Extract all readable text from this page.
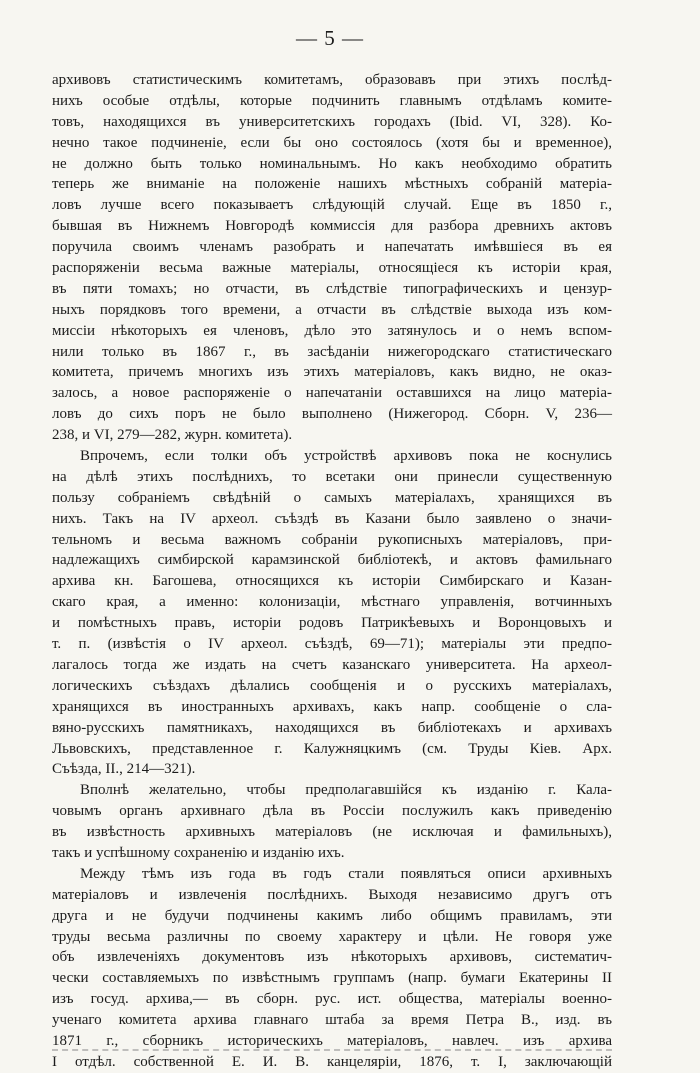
— 5 —
архивовъ статистическимъ комитетамъ, образовавъ при этихъ послѣд-
нихъ особые отдѣлы, которые подчинить главнымъ отдѣламъ комите-
товъ, находящихся въ университетскихъ городахъ (Ibid. VI, 328). Ко-
нечно такое подчиненіе, если бы оно состоялось (хотя бы и временное),
не должно быть только номинальнымъ. Но какъ необходимо обратить
теперь же вниманіе на положеніе нашихъ мѣстныхъ собраній матеріа-
ловъ лучше всего показываетъ слѣдующій случай. Еще въ 1850 г.,
бывшая въ Нижнемъ Новгородѣ коммиссія для разбора древнихъ актовъ
поручила своимъ членамъ разобрать и напечатать имѣвшіеся въ ея
распоряженіи весьма важные матеріалы, относящіеся къ исторіи края,
въ пяти томахъ; но отчасти, въ слѣдствіе типографическихъ и цензур-
ныхъ порядковъ того времени, а отчасти въ слѣдствіе выхода изъ ком-
миссіи нѣкоторыхъ ея членовъ, дѣло это затянулось и о немъ вспом-
нили только въ 1867 г., въ засѣданіи нижегородскаго статистическаго
комитета, причемъ многихъ изъ этихъ матеріаловъ, какъ видно, не оказ-
залось, а новое распоряженіе о напечатаніи оставшихся на лицо матеріа-
ловъ до сихъ поръ не было выполнено (Нижегород. Сборн. V, 236—
238, и VI, 279—282, журн. комитета).
Впрочемъ, если толки объ устройствѣ архивовъ пока не коснулись
на дѣлѣ этихъ послѣднихъ, то всетаки они принесли существенную
пользу собраніемъ свѣдѣній о самыхъ матеріалахъ, хранящихся въ
нихъ. Такъ на IV археол. съѣздѣ въ Казани было заявлено о значи-
тельномъ и весьма важномъ собраніи рукописныхъ матеріаловъ, при-
надлежащихъ симбирской карамзинской библіотекѣ, и актовъ фамильнаго
архива кн. Багошева, относящихся къ исторіи Симбирскаго и Казан-
скаго края, а именно: колонизаціи, мѣстнаго управленія, вотчинныхъ
и помѣстныхъ правъ, исторіи родовъ Патрикѣевыхъ и Воронцовыхъ и
т. п. (извѣстія о IV археол. съѣздѣ, 69—71); матеріалы эти предпо-
лагалось тогда же издать на счетъ казанскаго университета. На археол-
логическихъ съѣздахъ дѣлались сообщенія и о русскихъ матеріалахъ,
хранящихся въ иностранныхъ архивахъ, какъ напр. сообщеніе о сла-
вяно-русскихъ памятникахъ, находящихся въ библіотекахъ и архивахъ
Львовскихъ, представленное г. Калужняцкимъ (см. Труды Кіев. Арх.
Съѣзда, II., 214—321).
Вполнѣ желательно, чтобы предполагавшійся къ изданію г. Кала-
човымъ органъ архивнаго дѣла въ Россіи послужилъ какъ приведенію
въ извѣстность архивныхъ матеріаловъ (не исключая и фамильныхъ),
такъ и успѣшному сохраненію и изданію ихъ.
Между тѣмъ изъ года въ годъ стали появляться описи архивныхъ
матеріаловъ и извлеченія послѣднихъ. Выходя независимо другъ отъ
друга и не будучи подчинены какимъ либо общимъ правиламъ, эти
труды весьма различны по своему характеру и цѣли. Не говоря уже
объ извлеченіяхъ документовъ изъ нѣкоторыхъ архивовъ, систематич-
чески составляемыхъ по извѣстнымъ группамъ (напр. бумаги Екатерины II
изъ госуд. архива,— въ сборн. рус. ист. общества, матеріалы военно-
ученаго комитета архива главнаго штаба за время Петра В., изд. въ
1871 г., сборникъ историческихъ матеріаловъ, навлеч. изъ архива
I отдѣл. собственной Е. И. В. канцеляріи, 1876, т. I, заключающій
